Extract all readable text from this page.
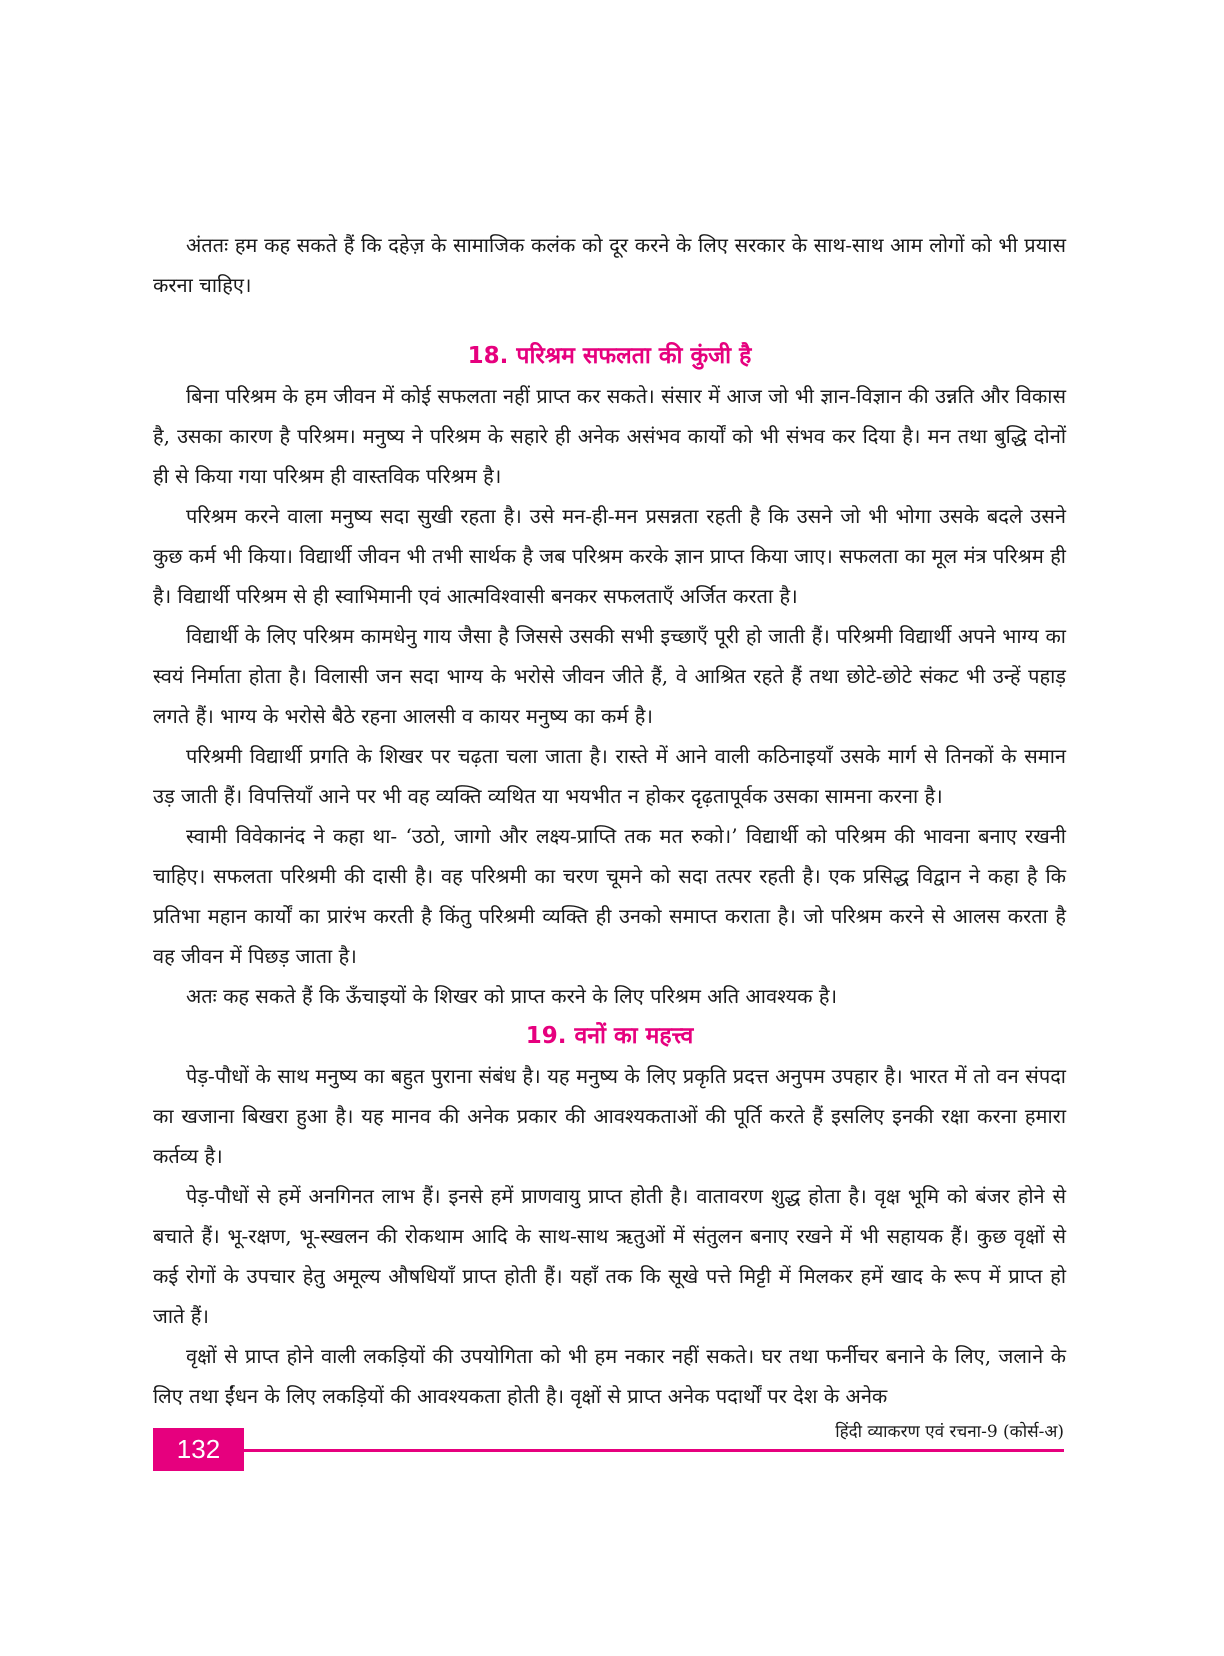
अंततः हम कह सकते हैं कि दहेज़ के सामाजिक कलंक को दूर करने के लिए सरकार के साथ-साथ आम लोगों को भी प्रयास करना चाहिए।

18. परिश्रम सफलता की कुंजी है

बिना परिश्रम के हम जीवन में कोई सफलता नहीं प्राप्त कर सकते। संसार में आज जो भी ज्ञान-विज्ञान की उन्नति और विकास है, उसका कारण है परिश्रम। मनुष्य ने परिश्रम के सहारे ही अनेक असंभव कार्यों को भी संभव कर दिया है। मन तथा बुद्धि दोनों ही से किया गया परिश्रम ही वास्तविक परिश्रम है।

परिश्रम करने वाला मनुष्य सदा सुखी रहता है। उसे मन-ही-मन प्रसन्नता रहती है कि उसने जो भी भोगा उसके बदले उसने कुछ कर्म भी किया। विद्यार्थी जीवन भी तभी सार्थक है जब परिश्रम करके ज्ञान प्राप्त किया जाए। सफलता का मूल मंत्र परिश्रम ही है। विद्यार्थी परिश्रम से ही स्वाभिमानी एवं आत्मविश्वासी बनकर सफलताएँ अर्जित करता है।

विद्यार्थी के लिए परिश्रम कामधेनु गाय जैसा है जिससे उसकी सभी इच्छाएँ पूरी हो जाती हैं। परिश्रमी विद्यार्थी अपने भाग्य का स्वयं निर्माता होता है। विलासी जन सदा भाग्य के भरोसे जीवन जीते हैं, वे आश्रित रहते हैं तथा छोटे-छोटे संकट भी उन्हें पहाड़ लगते हैं। भाग्य के भरोसे बैठे रहना आलसी व कायर मनुष्य का कर्म है।

परिश्रमी विद्यार्थी प्रगति के शिखर पर चढ़ता चला जाता है। रास्ते में आने वाली कठिनाइयाँ उसके मार्ग से तिनकों के समान उड़ जाती हैं। विपत्तियाँ आने पर भी वह व्यक्ति व्यथित या भयभीत न होकर दृढ़तापूर्वक उसका सामना करना है।

स्वामी विवेकानंद ने कहा था- ‘उठो, जागो और लक्ष्य-प्राप्ति तक मत रुको।’ विद्यार्थी को परिश्रम की भावना बनाए रखनी चाहिए। सफलता परिश्रमी की दासी है। वह परिश्रमी का चरण चूमने को सदा तत्पर रहती है। एक प्रसिद्ध विद्वान ने कहा है कि प्रतिभा महान कार्यों का प्रारंभ करती है किंतु परिश्रमी व्यक्ति ही उनको समाप्त कराता है। जो परिश्रम करने से आलस करता है वह जीवन में पिछड़ जाता है।

अतः कह सकते हैं कि ऊँचाइयों के शिखर को प्राप्त करने के लिए परिश्रम अति आवश्यक है।

19. वनों का महत्त्व

पेड़-पौधों के साथ मनुष्य का बहुत पुराना संबंध है। यह मनुष्य के लिए प्रकृति प्रदत्त अनुपम उपहार है। भारत में तो वन संपदा का खजाना बिखरा हुआ है। यह मानव की अनेक प्रकार की आवश्यकताओं की पूर्ति करते हैं इसलिए इनकी रक्षा करना हमारा कर्तव्य है।

पेड़-पौधों से हमें अनगिनत लाभ हैं। इनसे हमें प्राणवायु प्राप्त होती है। वातावरण शुद्ध होता है। वृक्ष भूमि को बंजर होने से बचाते हैं। भू-रक्षण, भू-स्खलन की रोकथाम आदि के साथ-साथ ऋतुओं में संतुलन बनाए रखने में भी सहायक हैं। कुछ वृक्षों से कई रोगों के उपचार हेतु अमूल्य औषधियाँ प्राप्त होती हैं। यहाँ तक कि सूखे पत्ते मिट्टी में मिलकर हमें खाद के रूप में प्राप्त हो जाते हैं।

वृक्षों से प्राप्त होने वाली लकड़ियों की उपयोगिता को भी हम नकार नहीं सकते। घर तथा फर्नीचर बनाने के लिए, जलाने के लिए तथा ईंधन के लिए लकड़ियों की आवश्यकता होती है। वृक्षों से प्राप्त अनेक पदार्थों पर देश के अनेक

132
हिंदी व्याकरण एवं रचना-9 (कोर्स-अ)
